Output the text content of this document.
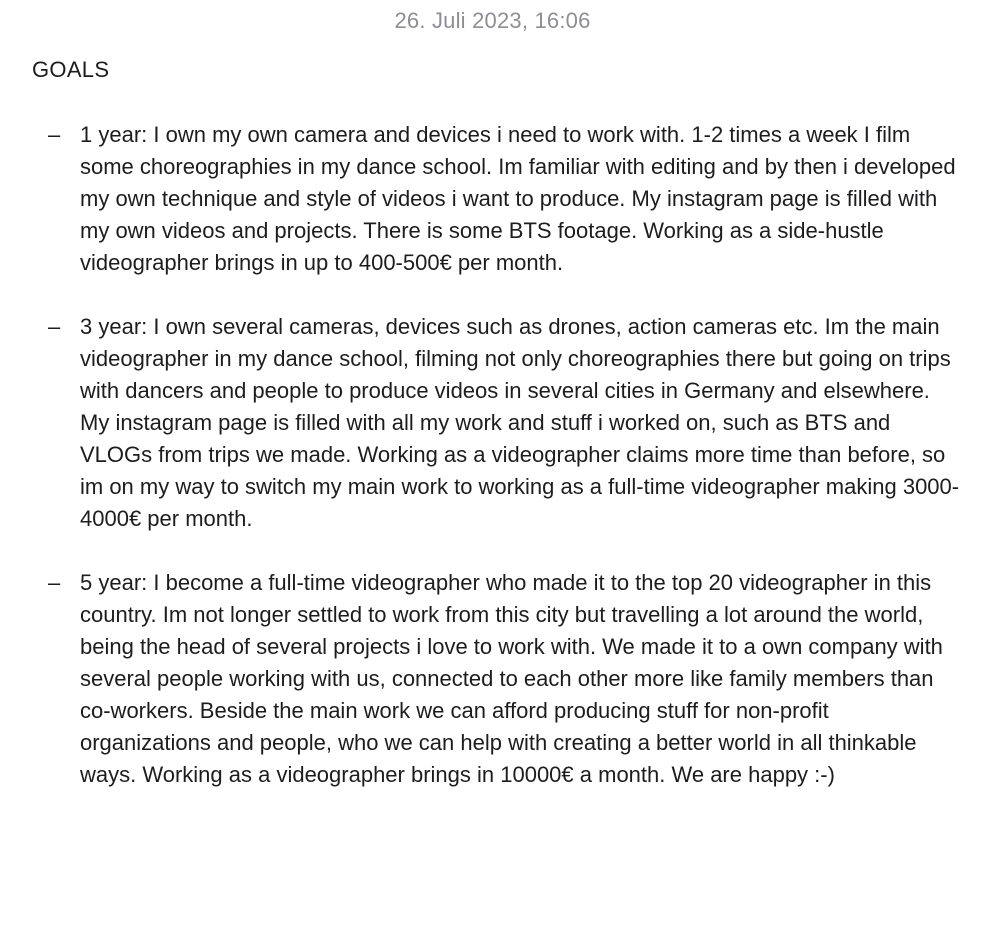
26. Juli 2023, 16:06
GOALS
– 1 year: I own my own camera and devices i need to work with. 1-2 times a week I film some choreographies in my dance school. Im familiar with editing and by then i developed my own technique and style of videos i want to produce. My instagram page is filled with my own videos and projects. There is some BTS footage. Working as a side-hustle videographer brings in up to 400-500€ per month.
– 3 year: I own several cameras, devices such as drones, action cameras etc. Im the main videographer in my dance school, filming not only choreographies there but going on trips with dancers and people to produce videos in several cities in Germany and elsewhere. My instagram page is filled with all my work and stuff i worked on, such as BTS and VLOGs from trips we made. Working as a videographer claims more time than before, so im on my way to switch my main work to working as a full-time videographer making 3000-4000€ per month.
– 5 year: I become a full-time videographer who made it to the top 20 videographer in this country. Im not longer settled to work from this city but travelling a lot around the world, being the head of several projects i love to work with. We made it to a own company with several people working with us, connected to each other more like family members than co-workers. Beside the main work we can afford producing stuff for non-profit organizations and people, who we can help with creating a better world in all thinkable ways. Working as a videographer brings in 10000€ a month. We are happy :-)
